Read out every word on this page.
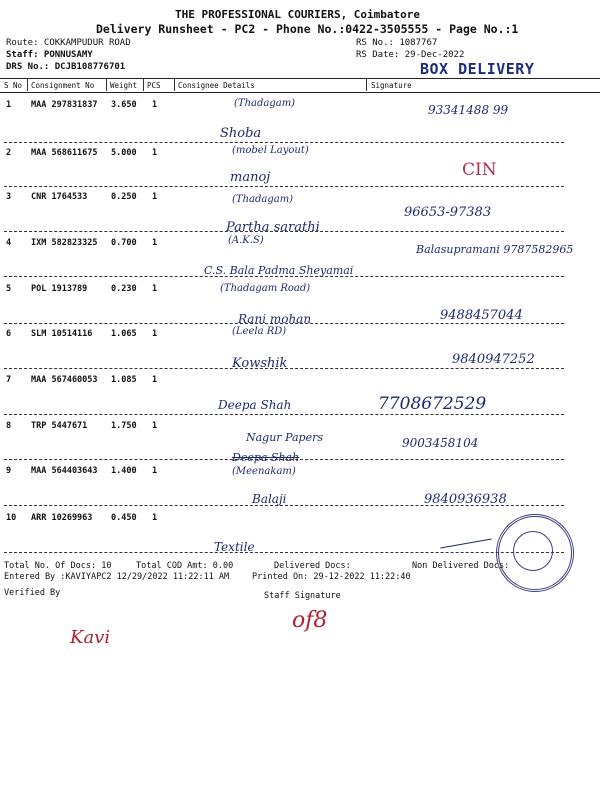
THE PROFESSIONAL COURIERS, Coimbatore
Delivery Runsheet - PC2 - Phone No.:0422-3505555 - Page No.:1
Route: COKKAMPUDUR ROAD
Staff: PONNUSAMY
DRS No.: DCJB108776701
RS No.: 1087767
RS Date: 29-Dec-2022
BOX DELIVERY
S No Consignment No Weight PCS Consignee Details	Signature
1 MAA 297831837 3.650 1	(Thadagam)
Shoba
93341488 99
2 MAA 568611675 5.000 1	(mobel Layout)
manoj	CIN
3 CNR 1764533	0.250 1	(Thadagam)
Partha sarathi
96653-97383
4 IXM 582823325 0.700 1	(A.K.S)
C.S. Bala Padma Sheyamai
Balasupramani 9787582965
5 POL 1913789	0.230 1	(Thadagam Road)
Rani mohan	9488457044
6 SLM 10514116 1.065 1	(Leela RD)
Kowshik	9840947252
7 MAA 567460053 1.085 1
Deepa Shah	7708672529
8 TRP 5447671	1.750 1
Nagur Papers
Deepa Shah
9003458104
9 MAA 564403643 1.400 1	(Meenakam)
Balaji	9840936938
10 ARR 10269963 0.450 1
Textile
Total No. Of Docs: 10	Total COD Amt: 0.00	Delivered Docs:	Non Delivered Docs:
Entered By :KAVIYAPC2 12/29/2022 11:22:11 AM	Printed On: 29-12-2022 11:22:40
Verified By	Staff Signature
Kavi
of8
